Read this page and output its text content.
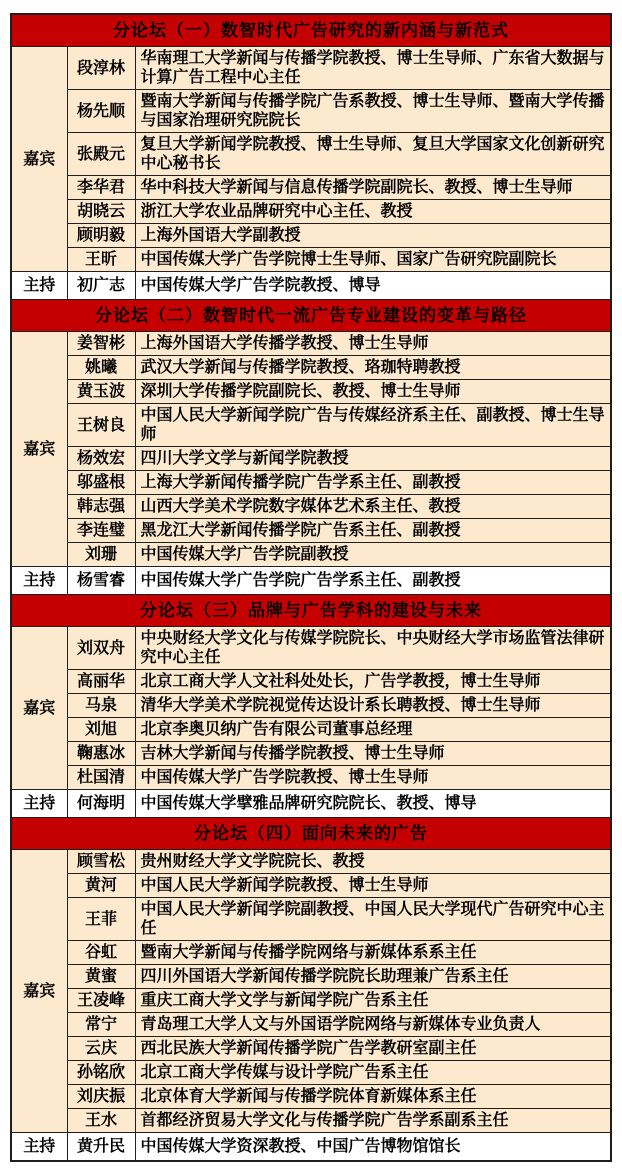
分论坛（一）数智时代广告研究的新内涵与新范式		
嘉宾	段淳林	华南理工大学新闻与传播学院教授、博士生导师、广东省大数据与计算广告工程中心主任
	杨先顺	暨南大学新闻与传播学院广告系教授、博士生导师、暨南大学传播与国家治理研究院院长
	张殿元	复旦大学新闻学院教授、博士生导师、复旦大学国家文化创新研究中心秘书长
	李华君	华中科技大学新闻与信息传播学院副院长、教授、博士生导师
	胡晓云	浙江大学农业品牌研究中心主任、教授
	顾明毅	上海外国语大学副教授
	王昕	中国传媒大学广告学院博士生导师、国家广告研究院副院长
主持	初广志	中国传媒大学广告学院教授、博导
分论坛（二）数智时代一流广告专业建设的变革与路径		
嘉宾	姜智彬	上海外国语大学传播学教授、博士生导师
	姚曦	武汉大学新闻与传播学院教授、珞珈特聘教授
	黄玉波	深圳大学传播学院副院长、教授、博士生导师
	王树良	中国人民大学新闻学院广告与传媒经济系主任、副教授、博士生导师
	杨效宏	四川大学文学与新闻学院教授
	邬盛根	上海大学新闻传播学院广告学系主任、副教授
	韩志强	山西大学美术学院数字媒体艺术系主任、教授
	李连璧	黑龙江大学新闻传播学院广告系主任、副教授
	刘珊	中国传媒大学广告学院副教授
主持	杨雪睿	中国传媒大学广告学院广告学系主任、副教授
分论坛（三）品牌与广告学科的建设与未来		
嘉宾	刘双舟	中央财经大学文化与传媒学院院长、中央财经大学市场监管法律研究中心主任
	高丽华	北京工商大学人文社科处处长，广告学教授，博士生导师
	马泉	清华大学美术学院视觉传达设计系长聘教授、博士生导师
	刘旭	北京李奥贝纳广告有限公司董事总经理
	鞠惠冰	吉林大学新闻与传播学院教授、博士生导师
	杜国清	中国传媒大学广告学院教授、博士生导师
主持	何海明	中国传媒大学擘雅品牌研究院院长、教授、博导
分论坛（四）面向未来的广告		
嘉宾	顾雪松	贵州财经大学文学院院长、教授
	黄河	中国人民大学新闻学院教授、博士生导师
	王菲	中国人民大学新闻学院副教授、中国人民大学现代广告研究中心主任
	谷虹	暨南大学新闻与传播学院网络与新媒体系系主任
	黄蜜	四川外国语大学新闻传播学院院长助理兼广告系主任
	王凌峰	重庆工商大学文学与新闻学院广告系主任
	常宁	青岛理工大学人文与外国语学院网络与新媒体专业负责人
	云庆	西北民族大学新闻传播学院广告学教研室副主任
	孙铭欣	北京工商大学传媒与设计学院广告系主任
	刘庆振	北京体育大学新闻与传播学院体育新媒体系主任
	王水	首都经济贸易大学文化与传播学院广告学系副系主任
主持	黄升民	中国传媒大学资深教授、中国广告博物馆馆长
